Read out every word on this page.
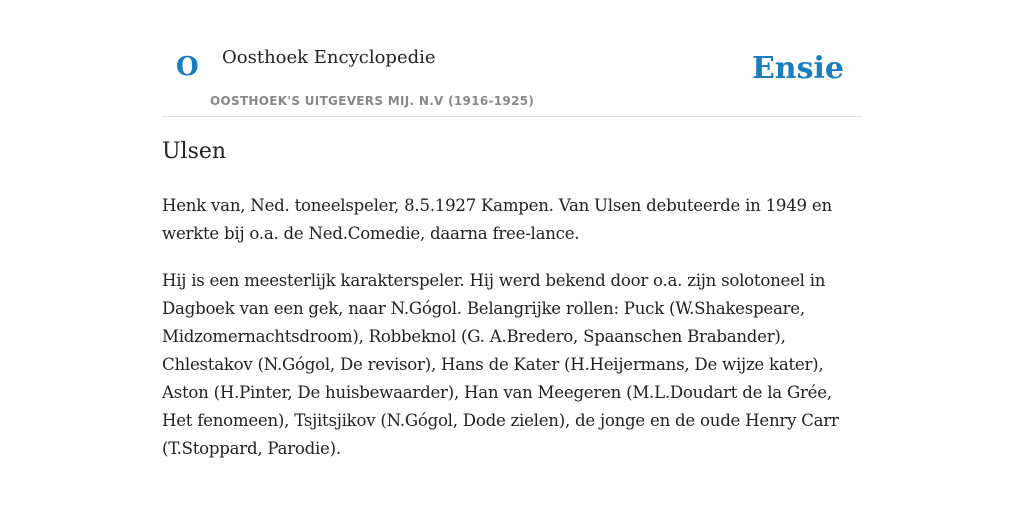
O Oosthoek Encyclopedie
OOSTHOEK'S UITGEVERS MIJ. N.V (1916-1925)
Ensie
Ulsen

Henk van, Ned. toneelspeler, 8.5.1927 Kampen. Van Ulsen debuteerde in 1949 en werkte bij o.a. de Ned.Comedie, daarna free-lance.

Hij is een meesterlijk karakterspeler. Hij werd bekend door o.a. zijn solotoneel in Dagboek van een gek, naar N.Gógol. Belangrijke rollen: Puck (W.Shakespeare, Midzomernachtsdroom), Robbeknol (G. A.Bredero, Spaanschen Brabander), Chlestakov (N.Gógol, De revisor), Hans de Kater (H.Heijermans, De wijze kater), Aston (H.Pinter, De huisbewaarder), Han van Meegeren (M.L.Doudart de la Grée, Het fenomeen), Tsjitsjikov (N.Gógol, Dode zielen), de jonge en de oude Henry Carr (T.Stoppard, Parodie).
